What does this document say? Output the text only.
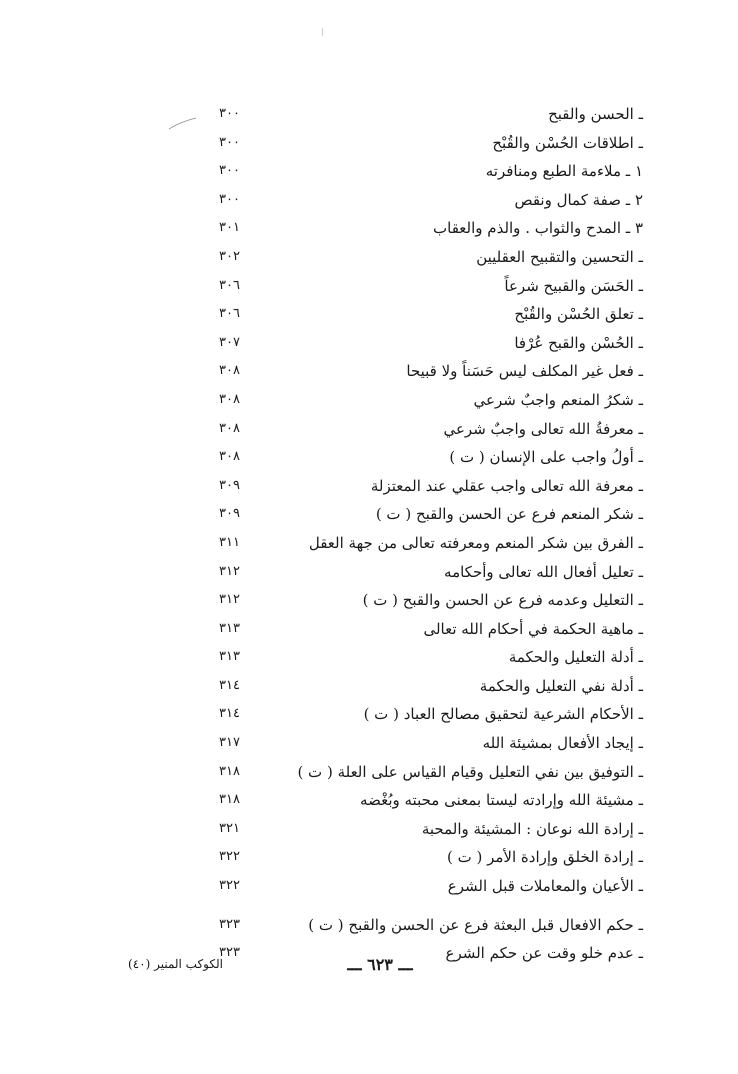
ـ الحسن والقبح
٣٠٠
ـ اطلاقات الحُسْن والقُبْح
٣٠٠
١ ـ ملاءمة الطبع ومنافرته
٣٠٠
٢ ـ صفة كمال ونقص
٣٠٠
٣ ـ المدح والثواب . والذم والعقاب
٣٠١
ـ التحسين والتقبيح العقليين
٣٠٢
ـ الحَسَن والقبيح شرعاً
٣٠٦
ـ تعلق الحُسْن والقُبْح
٣٠٦
ـ الحُسْن والقبح عُرْفا
٣٠٧
ـ فعل غير المكلف ليس حَسَناً ولا قبيحا
٣٠٨
ـ شكرُ المنعم واجبٌ شرعي
٣٠٨
ـ معرفةُ الله تعالى واجبٌ شرعي
٣٠٨
ـ أولُ واجب على الإنسان ( ت )
٣٠٨
ـ معرفة الله تعالى واجب عقلي عند المعتزلة
٣٠٩
ـ شكر المنعم فرع عن الحسن والقبح ( ت )
٣٠٩
ـ الفرق بين شكر المنعم ومعرفته تعالى من جهة العقل
٣١١
ـ تعليل أفعال الله تعالى وأحكامه
٣١٢
ـ التعليل وعدمه فرع عن الحسن والقبح ( ت )
٣١٢
ـ ماهية الحكمة في أحكام الله تعالى
٣١٣
ـ أدلة التعليل والحكمة
٣١٣
ـ أدلة نفي التعليل والحكمة
٣١٤
ـ الأحكام الشرعية لتحقيق مصالح العباد ( ت )
٣١٤
ـ إيجاد الأفعال بمشيئة الله
٣١٧
ـ التوفيق بين نفي التعليل وقيام القياس على العلة ( ت )
٣١٨
ـ مشيئة الله وإرادته ليستا بمعنى محبته وبُغْضه
٣١٨
ـ إرادة الله نوعان : المشيئة والمحبة
٣٢١
ـ إرادة الخلق وإرادة الأمر ( ت )
٣٢٢
ـ الأعيان والمعاملات قبل الشرع
٣٢٢
ـ حكم الافعال قبل البعثة فرع عن الحسن والقبح ( ت )
٣٢٣
ـ عدم خلو وقت عن حكم الشرع
٣٢٣
الكوكب المنير (٤٠)	ـــ ٦٢٣ ـــ
